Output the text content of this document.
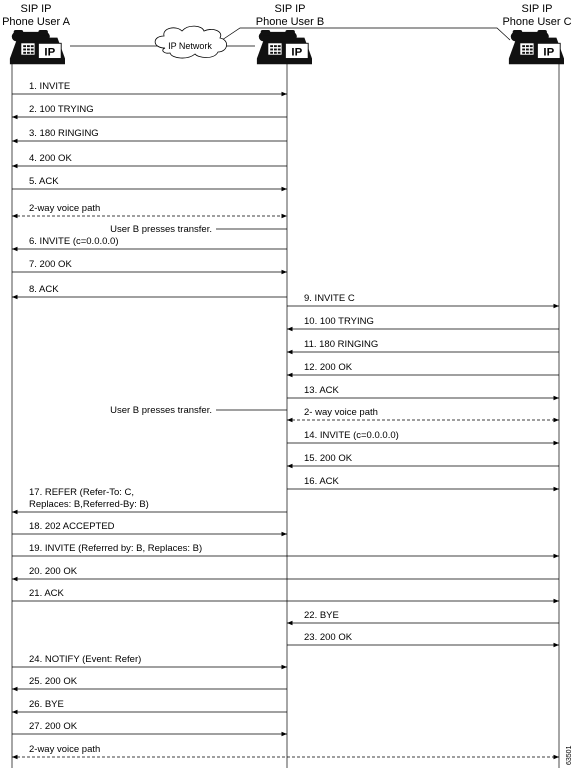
IP Network
SIP IP
Phone User A
IP
SIP IP
Phone User B
IP
SIP IP
Phone User C
IP
1. INVITE
2. 100 TRYING
3. 180 RINGING
4. 200 OK
5. ACK
2-way voice path
6. INVITE (c=0.0.0.0)
7. 200 OK
8. ACK
9. INVITE C
10. 100 TRYING
11. 180 RINGING
12. 200 OK
13. ACK
2- way voice path
14. INVITE (c=0.0.0.0)
15. 200 OK
16. ACK
17. REFER (Refer-To: C,
Replaces: B,Referred-By: B)
18. 202 ACCEPTED
19. INVITE (Referred by: B, Replaces: B)
20. 200 OK
21. ACK
22. BYE
23. 200 OK
24. NOTIFY (Event: Refer)
25. 200 OK
26. BYE
27. 200 OK
2-way voice path
User B presses transfer.
User B presses transfer.
63501
